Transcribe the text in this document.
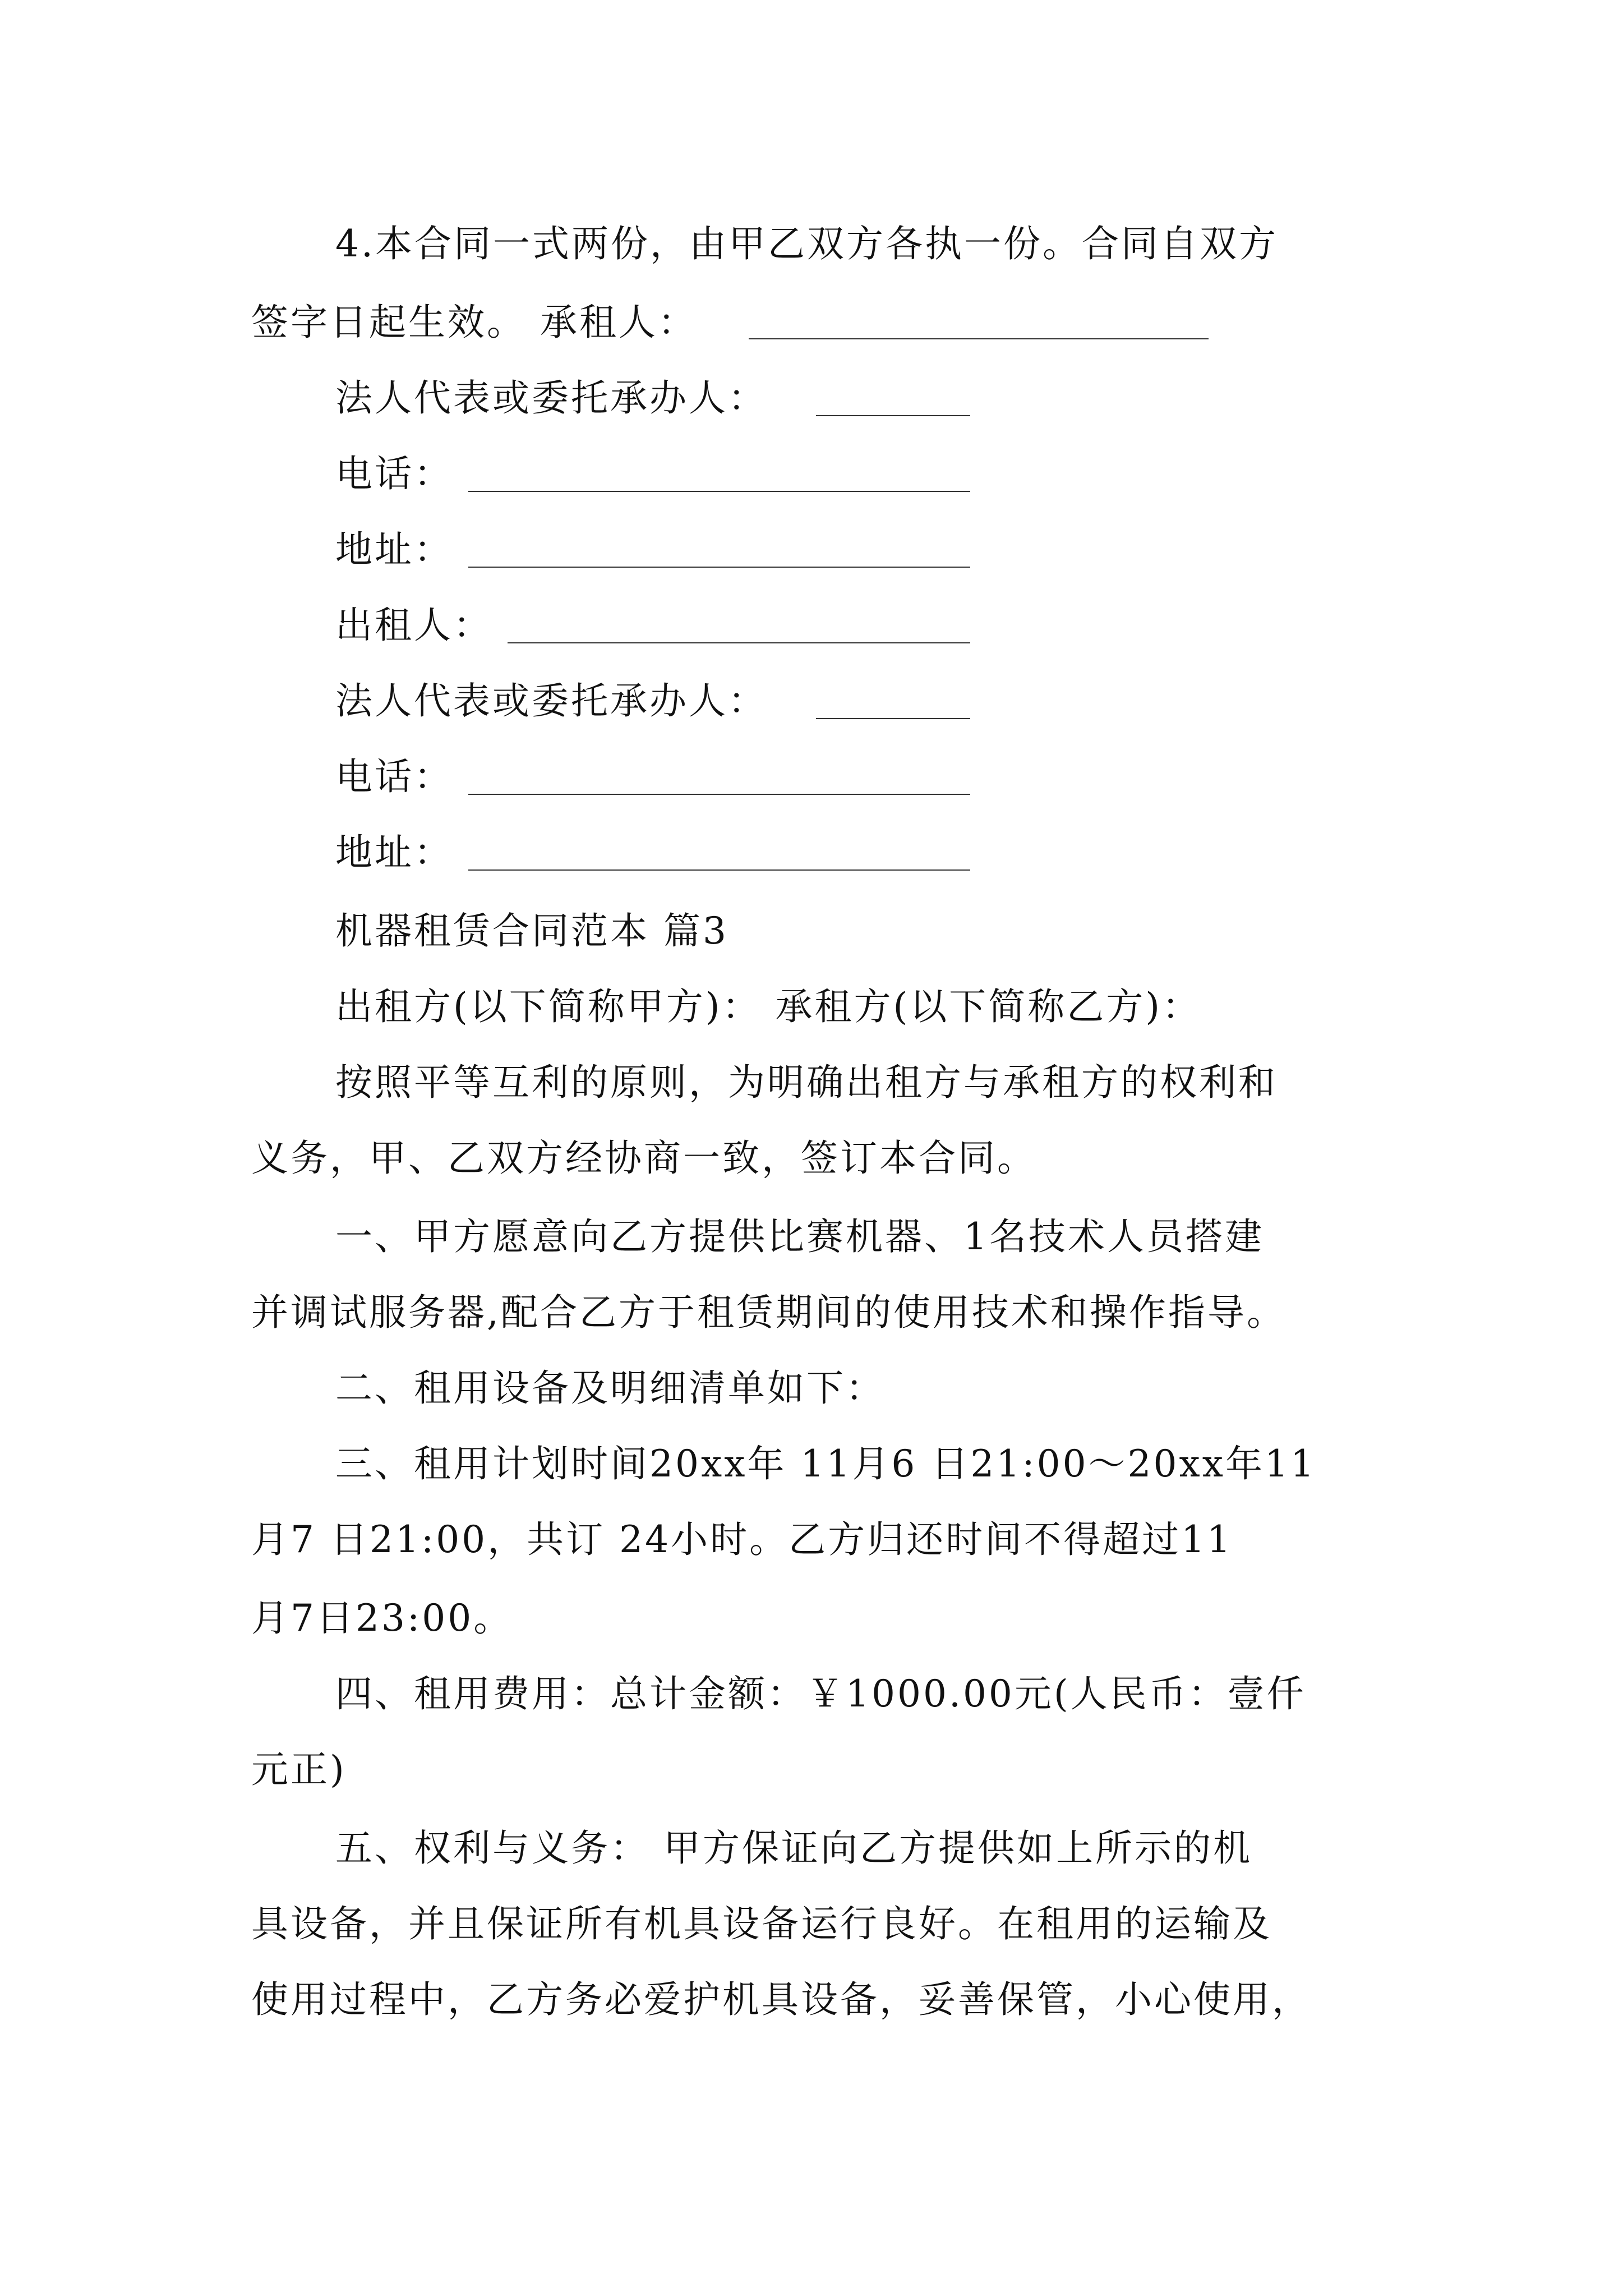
4.本合同一式两份，由甲乙双方各执一份。合同自双方
签字日起生效。 承租人：
法人代表或委托承办人：
电话：
地址：
出租人：
法人代表或委托承办人：
电话：
地址：
机器租赁合同范本 篇3
出租方(以下简称甲方)： 承租方(以下简称乙方)：
按照平等互利的原则，为明确出租方与承租方的权利和
义务，甲、乙双方经协商一致，签订本合同。
一、甲方愿意向乙方提供比赛机器、1名技术人员搭建
并调试服务器,配合乙方于租赁期间的使用技术和操作指导。
二、租用设备及明细清单如下：
三、租用计划时间20xx年 11月6 日21:00～20xx年11
月7 日21:00，共订 24小时。乙方归还时间不得超过11
月7日23:00。
四、租用费用：总计金额：￥1000.00元(人民币：壹仟
元正)
五、权利与义务： 甲方保证向乙方提供如上所示的机
具设备，并且保证所有机具设备运行良好。在租用的运输及
使用过程中，乙方务必爱护机具设备，妥善保管，小心使用，
